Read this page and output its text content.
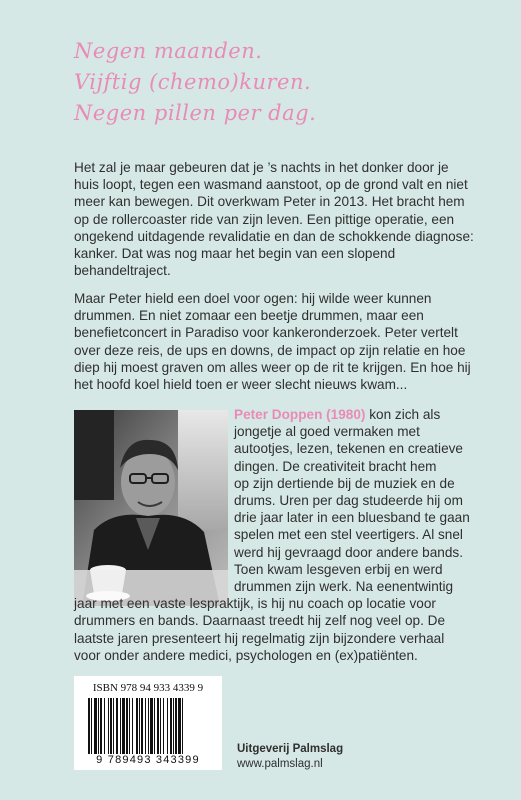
Negen maanden.
Vijftig (chemo)kuren.
Negen pillen per dag.

Het zal je maar gebeuren dat je ’s nachts in het donker door je huis loopt, tegen een wasmand aanstoot, op de grond valt en niet meer kan bewegen. Dit overkwam Peter in 2013. Het bracht hem op de rollercoaster ride van zijn leven. Een pittige operatie, een ongekend uitdagende revalidatie en dan de schokkende diagnose: kanker. Dat was nog maar het begin van een slopend behandeltraject.

Maar Peter hield een doel voor ogen: hij wilde weer kunnen drummen. En niet zomaar een beetje drummen, maar een benefietconcert in Paradiso voor kankeronderzoek. Peter vertelt over deze reis, de ups en downs, de impact op zijn relatie en hoe diep hij moest graven om alles weer op de rit te krijgen. En hoe hij het hoofd koel hield toen er weer slecht nieuws kwam...

Peter Doppen (1980) kon zich als
jongetje al goed vermaken met
autootjes, lezen, tekenen en creatieve
dingen. De creativiteit bracht hem
op zijn dertiende bij de muziek en de
drums. Uren per dag studeerde hij om
drie jaar later in een bluesband te gaan
spelen met een stel veertigers. Al snel
werd hij gevraagd door andere bands.
Toen kwam lesgeven erbij en werd
drummen zijn werk. Na eenentwintig
jaar met een vaste lespraktijk, is hij nu coach op locatie voor
drummers en bands. Daarnaast treedt hij zelf nog veel op. De
laatste jaren presenteert hij regelmatig zijn bijzondere verhaal
voor onder andere medici, psychologen en (ex)patiënten.
ISBN 978 94 933 4339 9
9 789493 343399
Uitgeverij Palmslag
www.palmslag.nl
